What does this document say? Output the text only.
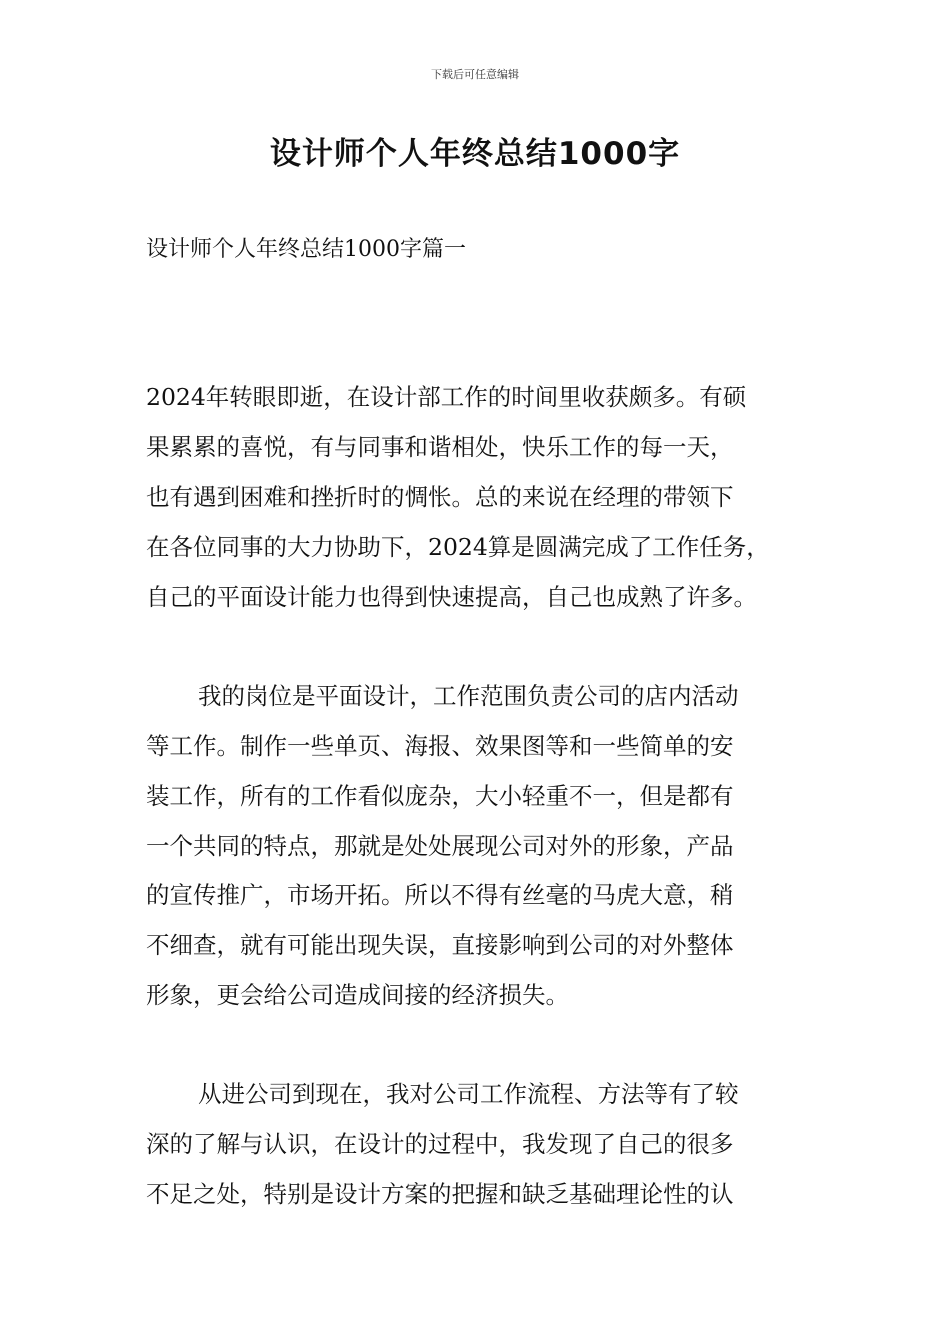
下载后可任意编辑
设计师个人年终总结1000字
设计师个人年终总结1000字篇一
2024年转眼即逝，在设计部工作的时间里收获颇多。有硕
果累累的喜悦，有与同事和谐相处，快乐工作的每一天，
也有遇到困难和挫折时的惆怅。总的来说在经理的带领下
在各位同事的大力协助下，2024算是圆满完成了工作任务，
自己的平面设计能力也得到快速提高，自己也成熟了许多。
我的岗位是平面设计，工作范围负责公司的店内活动
等工作。制作一些单页、海报、效果图等和一些简单的安
装工作，所有的工作看似庞杂，大小轻重不一，但是都有
一个共同的特点，那就是处处展现公司对外的形象，产品
的宣传推广，市场开拓。所以不得有丝毫的马虎大意，稍
不细查，就有可能出现失误，直接影响到公司的对外整体
形象，更会给公司造成间接的经济损失。
从进公司到现在，我对公司工作流程、方法等有了较
深的了解与认识，在设计的过程中，我发现了自己的很多
不足之处，特别是设计方案的把握和缺乏基础理论性的认
